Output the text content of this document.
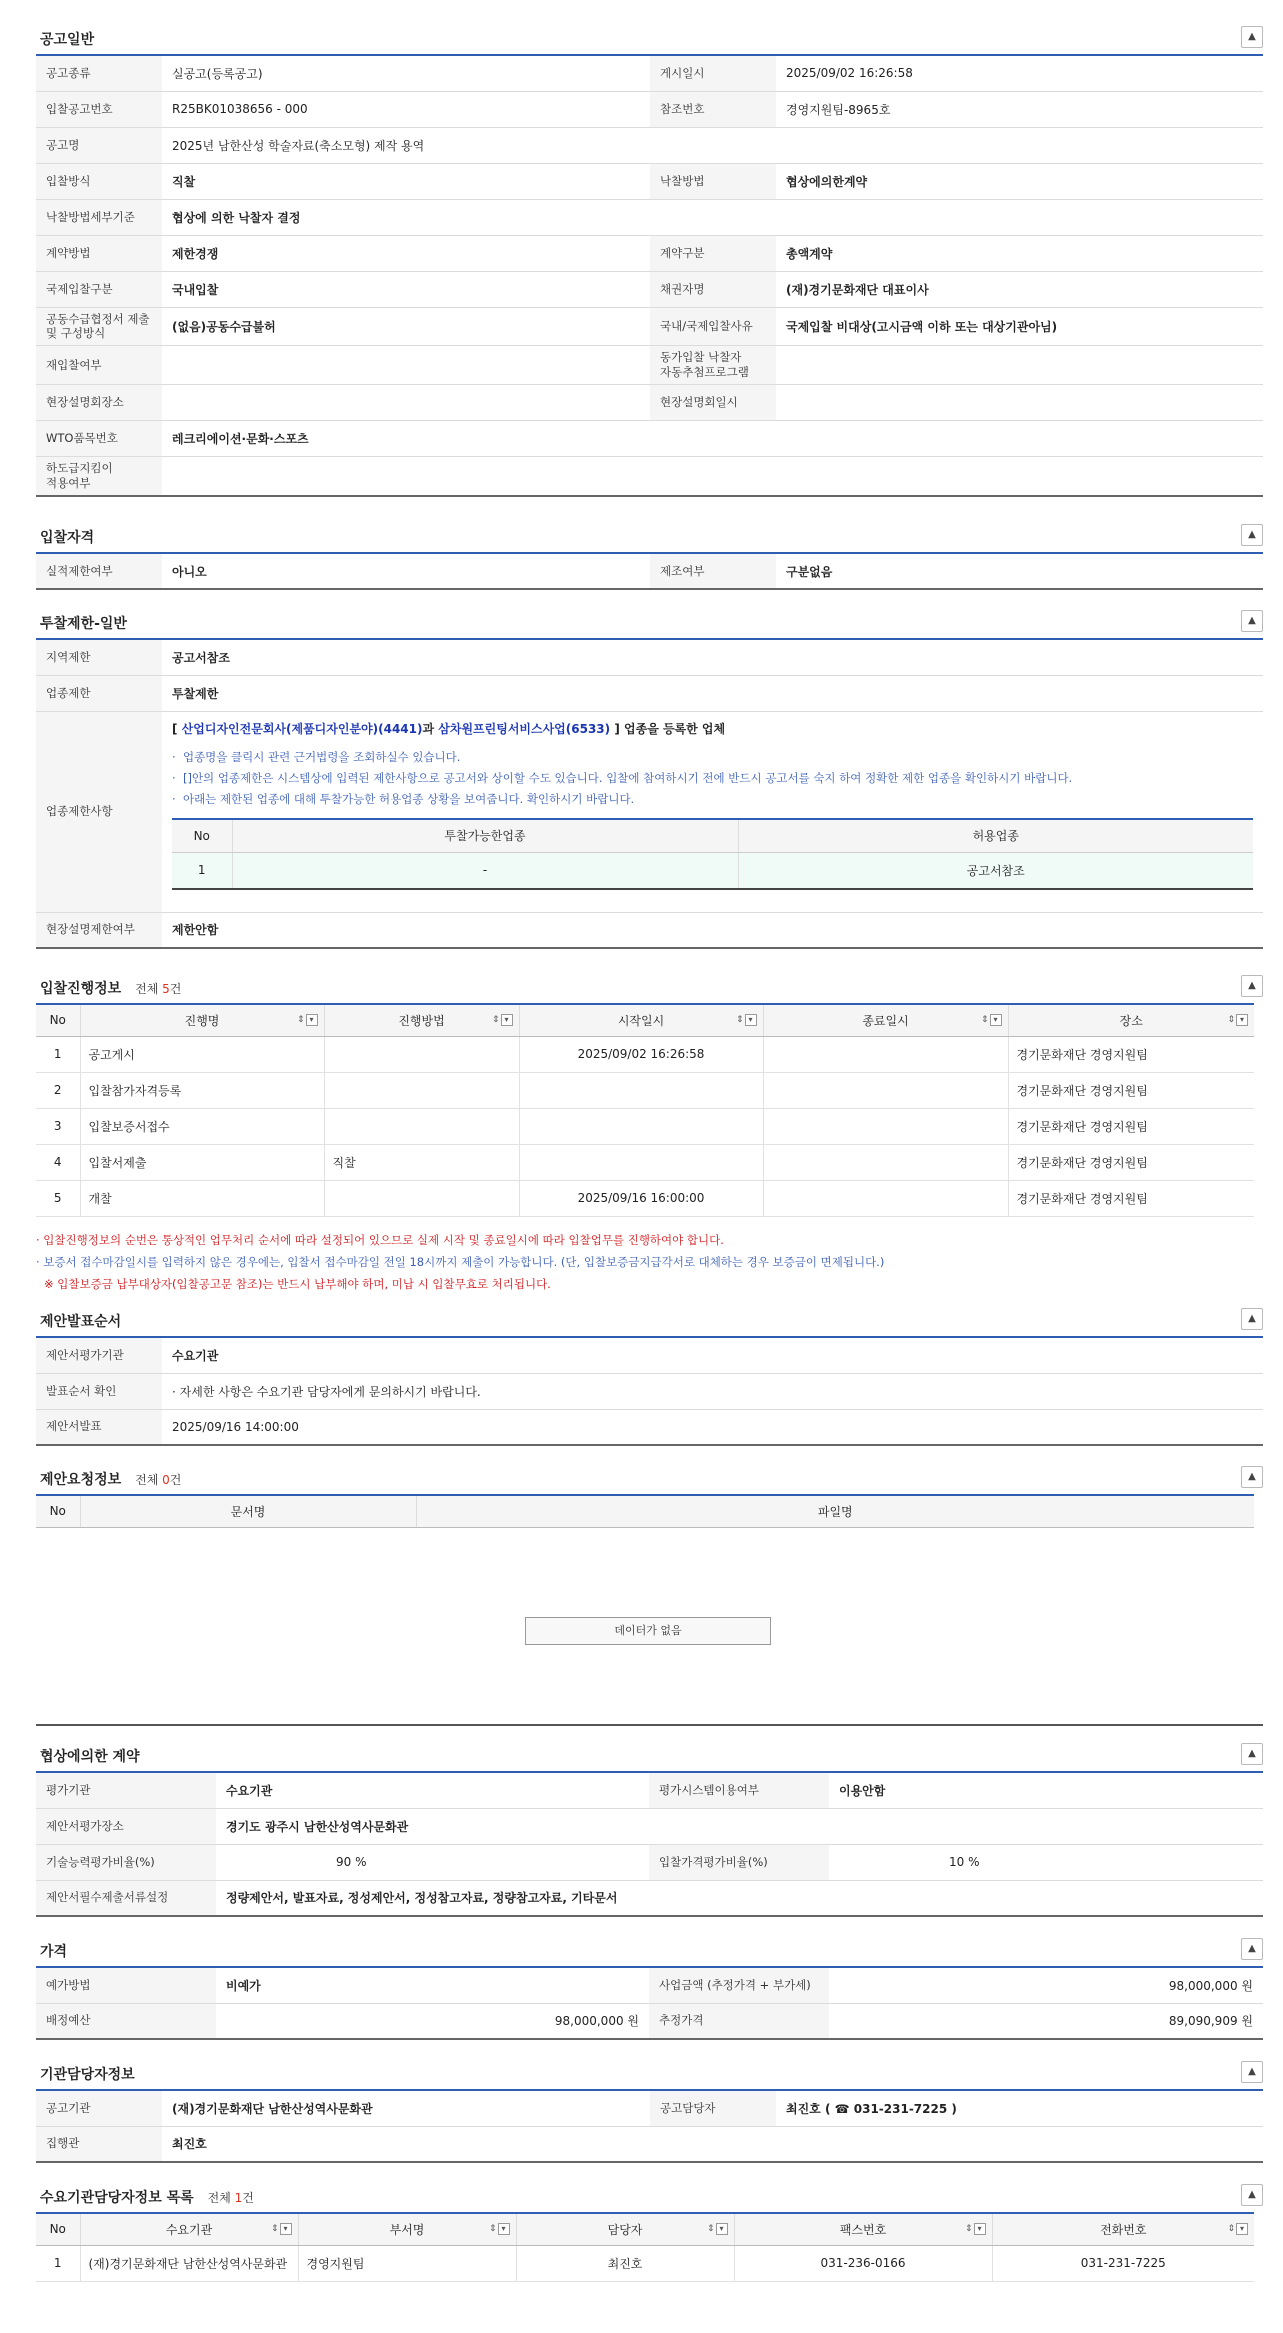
공고일반	▲
공고종류	실공고(등록공고)	게시일시	2025/09/02 16:26:58
입찰공고번호	R25BK01038656 - 000	참조번호	경영지원팀-8965호
공고명	2025년 남한산성 학술자료(축소모형) 제작 용역		
입찰방식	직찰	낙찰방법	협상에의한계약
낙찰방법세부기준	협상에 의한 낙찰자 결정		
계약방법	제한경쟁	계약구분	총액계약
국제입찰구분	국내입찰	채권자명	(재)경기문화재단 대표이사
공동수급협정서 제출 및 구성방식	(없음)공동수급불허	국내/국제입찰사유	국제입찰 비대상(고시금액 이하 또는 대상기관아님)
재입찰여부		동가입찰 낙찰자 자동추첨프로그램	
현장설명회장소		현장설명회일시	
WTO품목번호	레크리에이션·문화·스포츠		
하도급지킴이 적용여부			
입찰자격	▲
실적제한여부	아니오	제조여부	구분없음
투찰제한-일반	▲
지역제한	공고서참조
업종제한	투찰제한
업종제한사항	
[ 산업디자인전문회사(제품디자인분야)(4441)과 삼차원프린팅서비스사업(6533) ] 업종을 등록한 업체
·  업종명을 클릭시 관련 근거법령을 조회하실수 있습니다.
·  []안의 업종제한은 시스템상에 입력된 제한사항으로 공고서와 상이할 수도 있습니다. 입찰에 참여하시기 전에 반드시 공고서를 숙지 하여 정확한 제한 업종을 확인하시기 바랍니다.
·  아래는 제한된 업종에 대해 투찰가능한 허용업종 상황을 보여줍니다. 확인하시기 바랍니다.
No	투찰가능한업종	허용업종
1	-	공고서참조

현장설명제한여부	제한안함
입찰진행정보 전체 5건	▲
No	진행명 ⇕ ▾	진행방법 ⇕ ▾	시작일시 ⇕ ▾	종료일시 ⇕ ▾	장소 ⇕ ▾

1	공고게시		2025/09/02 16:26:58		경기문화재단 경영지원팀
2	입찰참가자격등록				경기문화재단 경영지원팀
3	입찰보증서접수				경기문화재단 경영지원팀
4	입찰서제출	직찰			경기문화재단 경영지원팀
5	개찰		2025/09/16 16:00:00		경기문화재단 경영지원팀
· 입찰진행정보의 순번은 통상적인 업무처리 순서에 따라 설정되어 있으므로 실제 시작 및 종료일시에 따라 입찰업무를 진행하여야 합니다.
· 보증서 접수마감일시를 입력하지 않은 경우에는, 입찰서 접수마감일 전일 18시까지 제출이 가능합니다. (단, 입찰보증금지급각서로 대체하는 경우 보증금이 면제됩니다.)
※ 입찰보증금 납부대상자(입찰공고문 참조)는 반드시 납부해야 하며, 미납 시 입찰무효로 처리됩니다.
제안발표순서	▲
제안서평가기관	수요기관
발표순서 확인	· 자세한 사항은 수요기관 담당자에게 문의하시기 바랍니다.
제안서발표	2025/09/16 14:00:00
제안요청정보 전체 0건	▲
No	문서명	파일명
데이터가 없음
협상에의한 계약	▲
평가기관	수요기관	평가시스템이용여부	이용안함
제안서평가장소	경기도 광주시 남한산성역사문화관		
기술능력평가비율(%)	90 %	입찰가격평가비율(%)	10 %
제안서필수제출서류설정	정량제안서, 발표자료, 정성제안서, 정성참고자료, 정량참고자료, 기타문서		
가격	▲
예가방법	비예가	사업금액 (추정가격 + 부가세)	98,000,000 원
배정예산	98,000,000 원	추정가격	89,090,909 원
기관담당자정보	▲
공고기관	(재)경기문화재단 남한산성역사문화관	공고담당자	최진호 ( ☎ 031-231-7225 )
집행관	최진호		
수요기관담당자정보 목록 전체 1건	▲
No	수요기관 ⇕ ▾	부서명 ⇕ ▾	담당자 ⇕ ▾	팩스번호 ⇕ ▾	전화번호 ⇕ ▾

1	(재)경기문화재단 남한산성역사문화관	경영지원팀	최진호	031-236-0166	031-231-7225
